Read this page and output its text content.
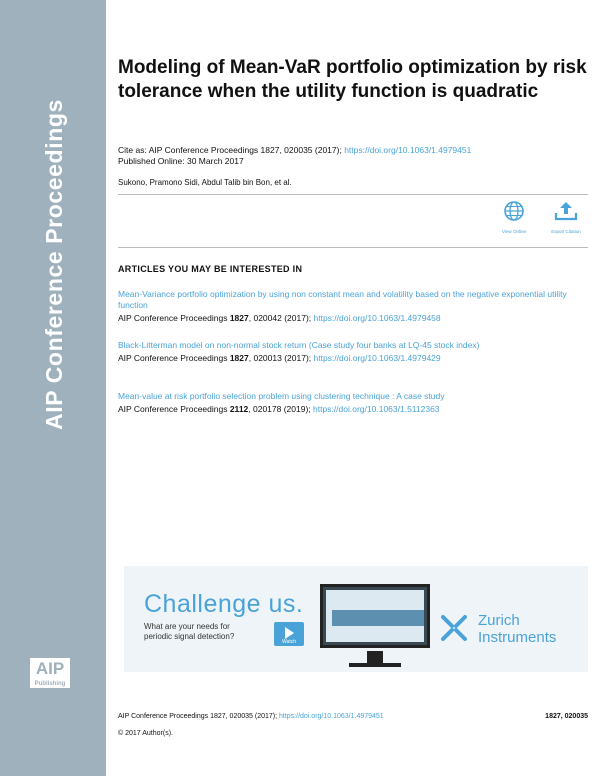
AIP Conference Proceedings
AIP
Publishing
Modeling of Mean-VaR portfolio optimization by risk tolerance when the utility function is quadratic
Cite as: AIP Conference Proceedings 1827, 020035 (2017); https://doi.org/10.1063/1.4979451
Published Online: 30 March 2017
Sukono, Pramono Sidi, Abdul Talib bin Bon, et al.
View Online	Export Citation
ARTICLES YOU MAY BE INTERESTED IN
Mean-Variance portfolio optimization by using non constant mean and volatility based on the negative exponential utility function
AIP Conference Proceedings 1827, 020042 (2017); https://doi.org/10.1063/1.4979458
Black-Litterman model on non-normal stock return (Case study four banks at LQ-45 stock index)
AIP Conference Proceedings 1827, 020013 (2017); https://doi.org/10.1063/1.4979429
Mean-value at risk portfolio selection problem using clustering technique : A case study
AIP Conference Proceedings 2112, 020178 (2019); https://doi.org/10.1063/1.5112363
Challenge us.
What are your needs for
periodic signal detection?
Watch
Zurich
Instruments
AIP Conference Proceedings 1827, 020035 (2017); https://doi.org/10.1063/1.4979451	1827, 020035
© 2017 Author(s).
